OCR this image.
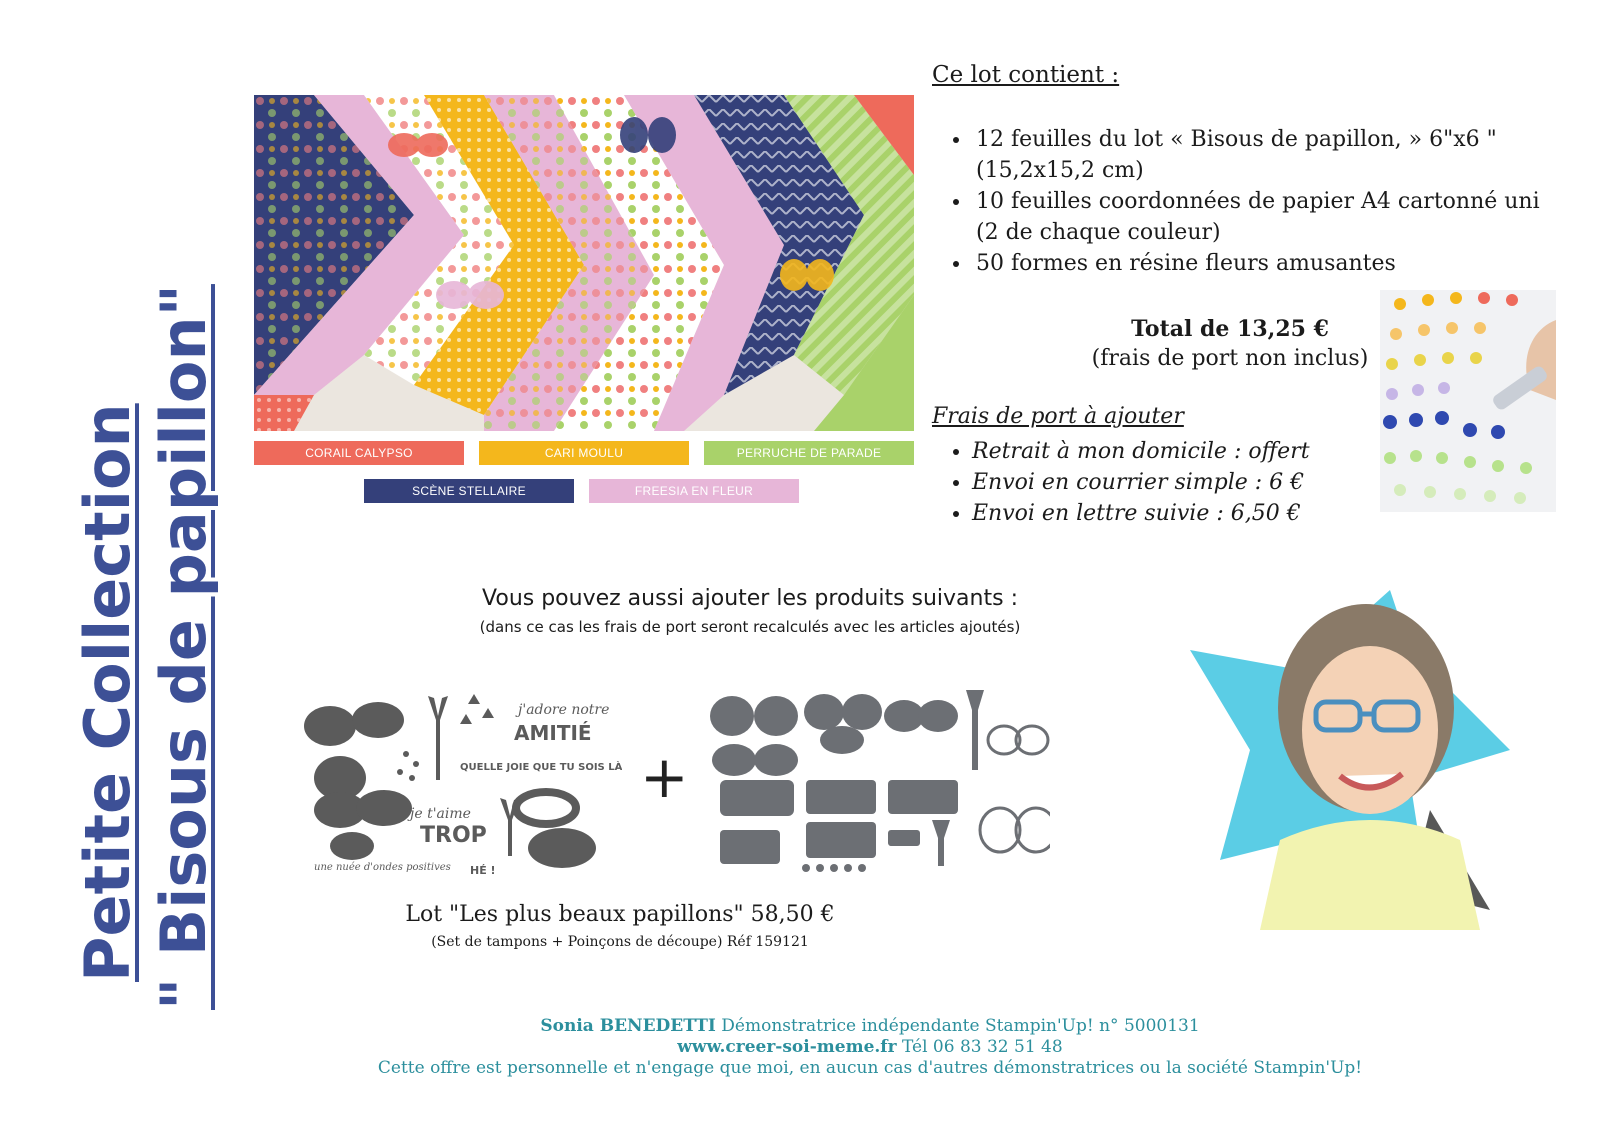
Petite Collection " Bisous de papillon"	CORAIL CALYPSO	CARI MOULU	PERRUCHE DE PARADE
SCÈNE STELLAIRE	FREESIA EN FLEUR
Ce lot contient :
• 12 feuilles du lot « Bisous de papillon, » 6"x6 " (15,2x15,2 cm)
• 10 feuilles coordonnées de papier A4 cartonné uni (2 de chaque couleur)
• 50 formes en résine fleurs amusantes
Total de 13,25 €
(frais de port non inclus)
Frais de port à ajouter
• Retrait à mon domicile : offert
• Envoi en courrier simple : 6 €
• Envoi en lettre suivie : 6,50 €
Vous pouvez aussi ajouter les produits suivants :
(dans ce cas les frais de port seront recalculés avec les articles ajoutés)
j'adore notre
AMITIÉ
QUELLE JOIE QUE TU SOIS LÀ
je t'aime
TROP
une nuée d'ondes positives HÉ !
+
Lot "Les plus beaux papillons" 58,50 €
(Set de tampons + Poinçons de découpe) Réf 159121
Sonia BENEDETTI Démonstratrice indépendante Stampin'Up! n° 5000131
www.creer-soi-meme.fr Tél 06 83 32 51 48
Cette offre est personnelle et n'engage que moi, en aucun cas d'autres démonstratrices ou la société Stampin'Up!
